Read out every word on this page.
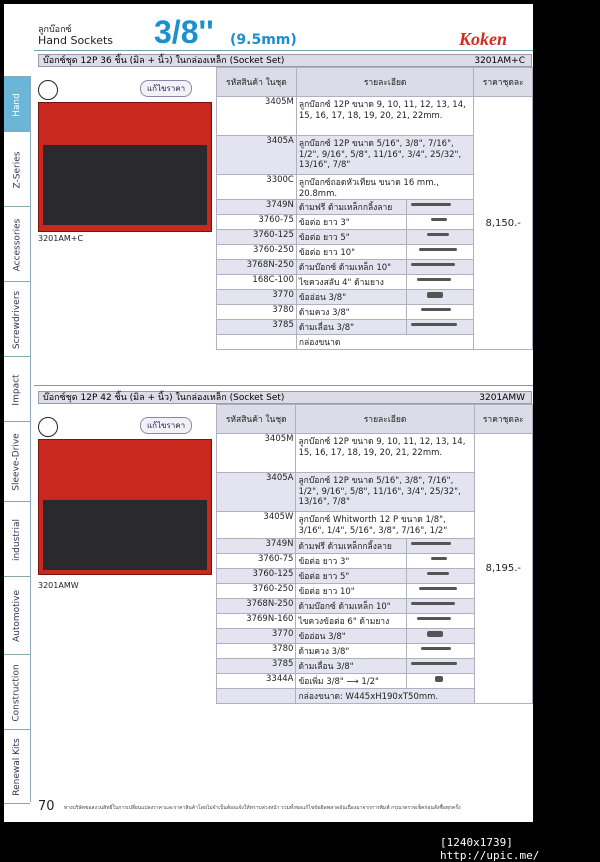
ลูกบ๊อกซ์
Hand Sockets 3/8'' (9.5mm)	Koken
Hand
Z-Series
Accessories
Screwdrivers
Impact
Sleeve-Drive
industrial
Automotive
Construction
Renewal Kits
บ๊อกซ์ชุด 12P 36 ชิ้น (มิล + นิ้ว) ในกล่องเหล็ก (Socket Set)	3201AM+C
แก้ไขราคา
3201AM+C
รหัสสินค้า ในชุด	รายละเอียด		ราคาชุดละ
3405M	ลูกบ๊อกซ์ 12P ขนาด 9, 10, 11, 12, 13, 14, 15, 16, 17, 18, 19, 20, 21, 22mm.		8,150.-
3405A	ลูกบ๊อกซ์ 12P ขนาด 5/16", 3/8", 7/16", 1/2", 9/16", 5/8", 11/16", 3/4", 25/32", 13/16", 7/8"		
3300C	ลูกบ๊อกซ์ถอดหัวเทียน ขนาด 16 mm., 20.8mm.		
3749N	ด้ามฟรี ด้ามเหล็กกลิ้งลาย		

3760-75	ข้อต่อ ยาว 3"		

3760-125	ข้อต่อ ยาว 5"		

3760-250	ข้อต่อ ยาว 10"		

3768N-250	ด้ามบ๊อกซ์ ด้ามเหล็ก 10"		

168C-100	ไขควงสลับ 4" ด้ามยาง		

3770	ข้ออ่อน 3/8"		

3780	ด้ามควง 3/8"		

3785	ด้ามเลื่อน 3/8"		

	กล่องขนาด		
บ๊อกซ์ชุด 12P 42 ชิ้น (มิล + นิ้ว) ในกล่องเหล็ก (Socket Set)	3201AMW
แก้ไขราคา
3201AMW
รหัสสินค้า ในชุด	รายละเอียด		ราคาชุดละ
3405M	ลูกบ๊อกซ์ 12P ขนาด 9, 10, 11, 12, 13, 14, 15, 16, 17, 18, 19, 20, 21, 22mm.		8,195.-
3405A	ลูกบ๊อกซ์ 12P ขนาด 5/16", 3/8", 7/16", 1/2", 9/16", 5/8", 11/16", 3/4", 25/32", 13/16", 7/8"		
3405W	ลูกบ๊อกซ์ Whitworth 12 P ขนาด 1/8", 3/16", 1/4", 5/16", 3/8", 7/16", 1/2"		
3749N	ด้ามฟรี ด้ามเหล็กกลิ้งลาย		

3760-75	ข้อต่อ ยาว 3"		

3760-125	ข้อต่อ ยาว 5"		

3760-250	ข้อต่อ ยาว 10"		

3768N-250	ด้ามบ๊อกซ์ ด้ามเหล็ก 10"		

3769N-160	ไขควงข้อต่อ 6" ด้ามยาง		

3770	ข้ออ่อน 3/8"		

3780	ด้ามควง 3/8"		

3785	ด้ามเลื่อน 3/8"		

3344A	ข้อเพิ่ม 3/8" ⟶ 1/2"		

	กล่องขนาด: W445xH190xT50mm.		
70 ทางบริษัทขอสงวนสิทธิ์ในการเปลี่ยนแปลงราคาและราคาสินค้าโดยไม่จำเป็นต้องแจ้งให้ทราบล่วงหน้า รวมทั้งขอแก้ไขข้อผิดพลาดอันเนื่องมาจากการพิมพ์ กรุณาตรวจเช็คก่อนสั่งซื้อทุกครั้ง
[1240x1739] http://upic.me/
